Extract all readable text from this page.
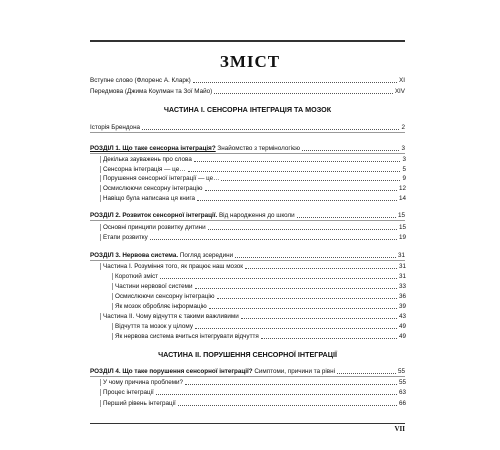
ЗМІСТ
Вступне слово (Флоренс А. Кларк)	XI
Передмова (Джима Коулман та Зої Майо)	XIV
ЧАСТИНА І. СЕНСОРНА ІНТЕГРАЦІЯ ТА МОЗОК
Історія Брендона	2
РОЗДІЛ 1. Що таке сенсорна інтеграція? Знайомство з термінологією	3
Декілька зауважень про слова	3
Сенсорна інтеграція — це…	5
Порушення сенсорної інтеграції — це…	9
Осмислюючи сенсорну інтеграцію	12
Навіщо була написана ця книга	14
РОЗДІЛ 2. Розвиток сенсорної інтеграції. Від народження до школи	15
Основні принципи розвитку дитини	15
Етапи розвитку	19
РОЗДІЛ 3. Нервова система. Погляд зсередини	31
Частина І. Розуміння того, як працює наш мозок	31
Короткий зміст	31
Частини нервової системи	33
Осмислюючи сенсорну інтеграцію	36
Як мозок обробляє інформацію	39
Частина ІІ. Чому відчуття є такими важливими	43
Відчуття та мозок у цілому	49
Як нервова система вчиться інтегрувати відчуття	49
ЧАСТИНА ІІ. ПОРУШЕННЯ СЕНСОРНОЇ ІНТЕГРАЦІЇ
РОЗДІЛ 4. Що таке порушення сенсорної інтеграції? Симптоми, причини та рівні	55
У чому причина проблеми?	55
Процес інтеграції	63
Перший рівень інтеграції	66
VII
